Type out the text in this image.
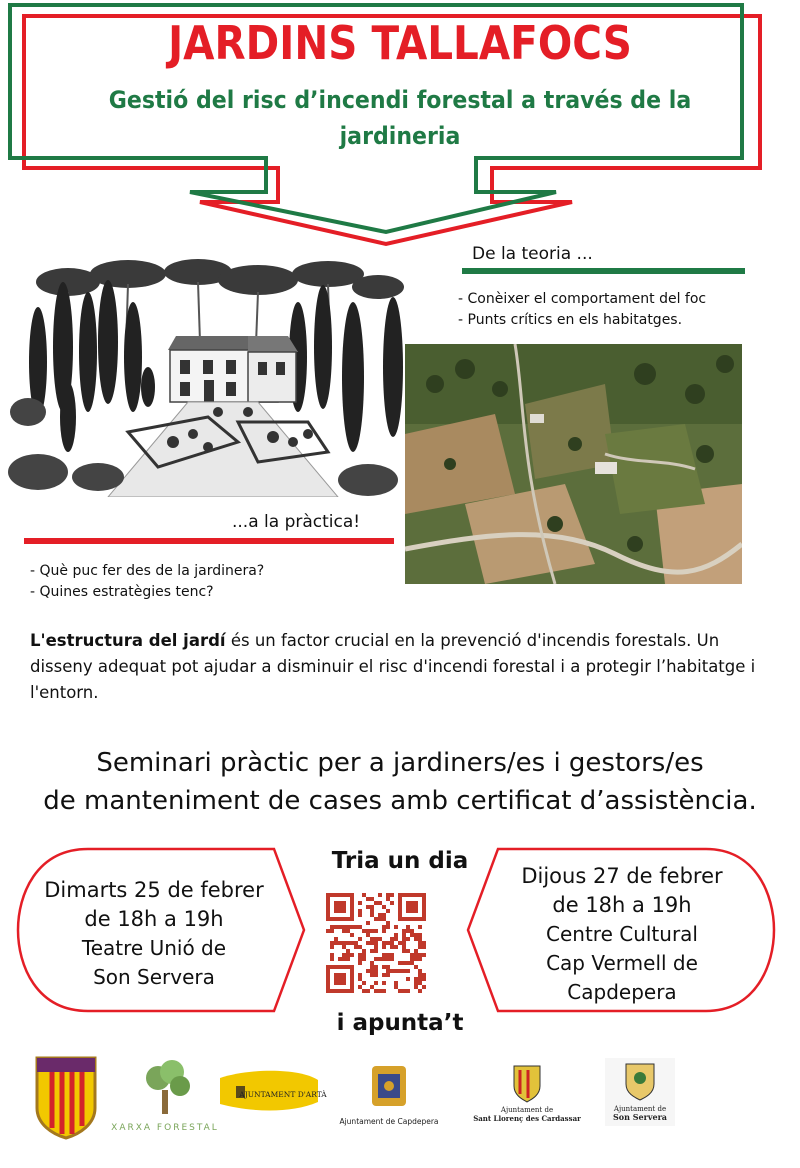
JARDINS TALLAFOCS
Gestió del risc d’incendi forestal a través de la jardineria
De la teoria ...
- Conèixer el comportament del foc
- Punts crítics en els habitatges.
...a la pràctica!
- Què puc fer des de la jardinera?
- Quines estratègies tenc?

L'estructura del jardí és un factor crucial en la prevenció d'incendis forestals. Un disseny adequat pot ajudar a disminuir el risc d'incendi forestal i a protegir l’habitatge i l'entorn.

Seminari pràctic per a jardiners/es i gestors/es
de manteniment de cases amb certificat d’assistència.
Dimarts 25 de febrer
de 18h a 19h
Teatre Unió de
Son Servera
Dijous 27 de febrer
de 18h a 19h
Centre Cultural
Cap Vermell de
Capdepera
Tria un dia
i apunta’t
XARXA FORESTAL
AJUNTAMENT D'ARTÀ
Ajuntament de Capdepera
Ajuntament de
Sant Llorenç des Cardassar
Ajuntament de
Son Servera
